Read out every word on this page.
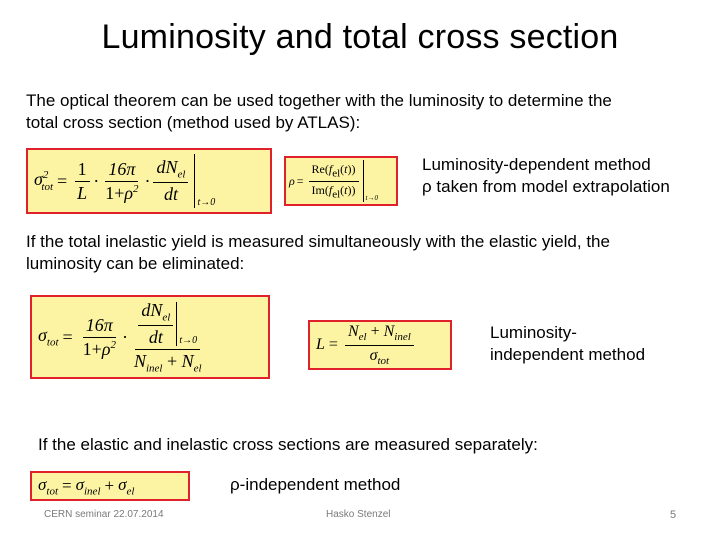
Luminosity and total cross section
The optical theorem can be used together with the luminosity to determine the
total cross section (method used by ATLAS):
$\sigma^2_{tot} = \frac{1}{L} \cdot \frac{16\pi}{1+\rho^2} \cdot \frac{dN_{el}}{dt} t\to 0$
$\rho = \frac{Re(f_{el}(t))}{Im(f_{el}(t))} t\to 0$
Luminosity-dependent method
ρ taken from model extrapolation
If the total inelastic yield is measured simultaneously with the elastic yield, the
luminosity can be eliminated:
$\sigma_{tot} = \frac{16\pi}{1+\rho^2} \cdot \frac{\frac{dN_{el}}{dt} t\to 0}{N_{inel} + N_{el}}$	$L = \frac{N_{el} + N_{inel}}{\sigma_{tot}}$	Luminosity-
independent method
If the elastic and inelastic cross sections are measured separately:
$\sigma_{tot} = \sigma_{inel} + \sigma_{el}$	ρ-independent method
CERN seminar 22.07.2014	Hasko Stenzel	5
